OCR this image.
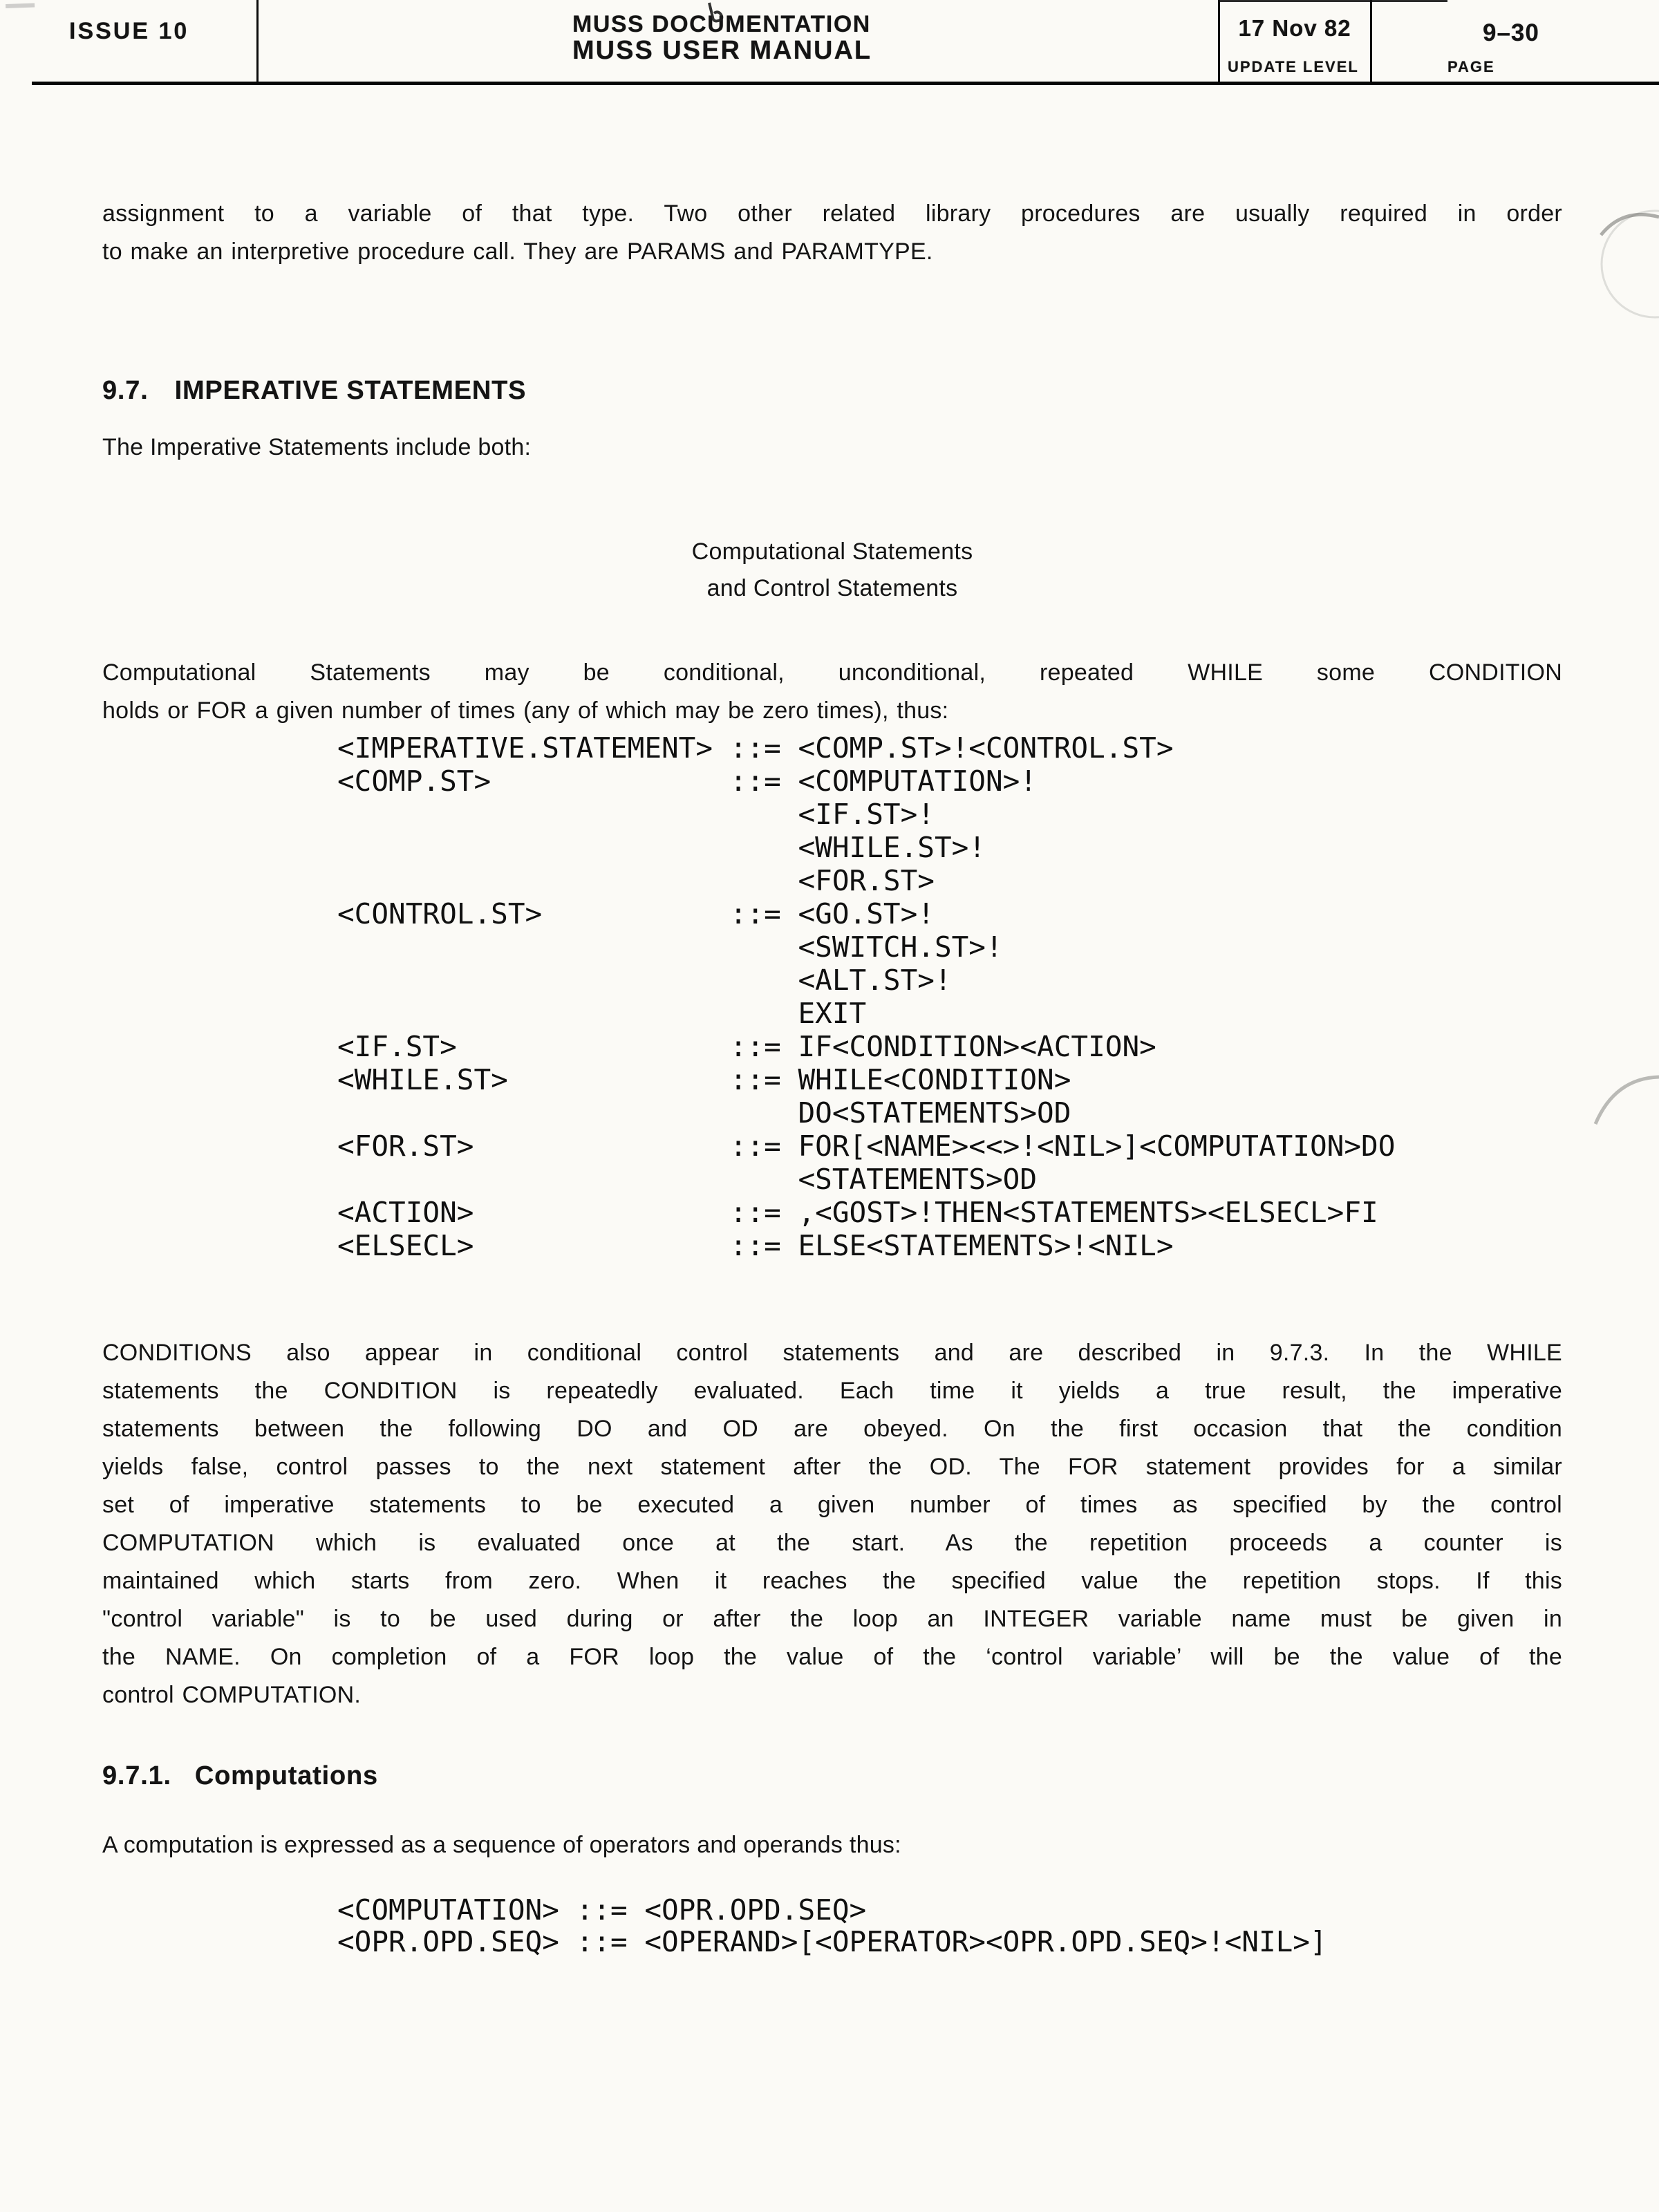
ISSUE 10	MUSS DOCUMENTATION
MUSS USER MANUAL
17 Nov 82
UPDATE LEVEL
9–30
PAGE
assignment to a variable of that type. Two other related library procedures are usually required in order
to make an interpretive procedure call. They are PARAMS and PARAMTYPE.
9.7. IMPERATIVE STATEMENTS
The Imperative Statements include both:
Computational Statements
and Control Statements
Computational Statements may be conditional, unconditional, repeated WHILE some CONDITION
holds or FOR a given number of times (any of which may be zero times), thus:
<IMPERATIVE.STATEMENT> ::= <COMP.ST>!<CONTROL.ST>
<COMP.ST>              ::= <COMPUTATION>!
<IF.ST>!
<WHILE.ST>!
<FOR.ST>
<CONTROL.ST>           ::= <GO.ST>!
<SWITCH.ST>!
<ALT.ST>!
EXIT
<IF.ST>                ::= IF<CONDITION><ACTION>
<WHILE.ST>             ::= WHILE<CONDITION>
DO<STATEMENTS>OD
<FOR.ST>               ::= FOR[<NAME><<>!<NIL>]<COMPUTATION>DO
<STATEMENTS>OD
<ACTION>               ::= ,<GOST>!THEN<STATEMENTS><ELSECL>FI
<ELSECL>               ::= ELSE<STATEMENTS>!<NIL>
CONDITIONS also appear in conditional control statements and are described in 9.7.3. In the WHILE
statements the CONDITION is repeatedly evaluated. Each time it yields a true result, the imperative
statements between the following DO and OD are obeyed. On the first occasion that the condition
yields false, control passes to the next statement after the OD. The FOR statement provides for a similar
set of imperative statements to be executed a given number of times as specified by the control
COMPUTATION which is evaluated once at the start. As the repetition proceeds a counter is
maintained which starts from zero. When it reaches the specified value the repetition stops. If this
"control variable" is to be used during or after the loop an INTEGER variable name must be given in
the NAME. On completion of a FOR loop the value of the ‘control variable’ will be the value of the
control COMPUTATION.
9.7.1. Computations
A computation is expressed as a sequence of operators and operands thus:
<COMPUTATION> ::= <OPR.OPD.SEQ>
<OPR.OPD.SEQ> ::= <OPERAND>[<OPERATOR><OPR.OPD.SEQ>!<NIL>]
